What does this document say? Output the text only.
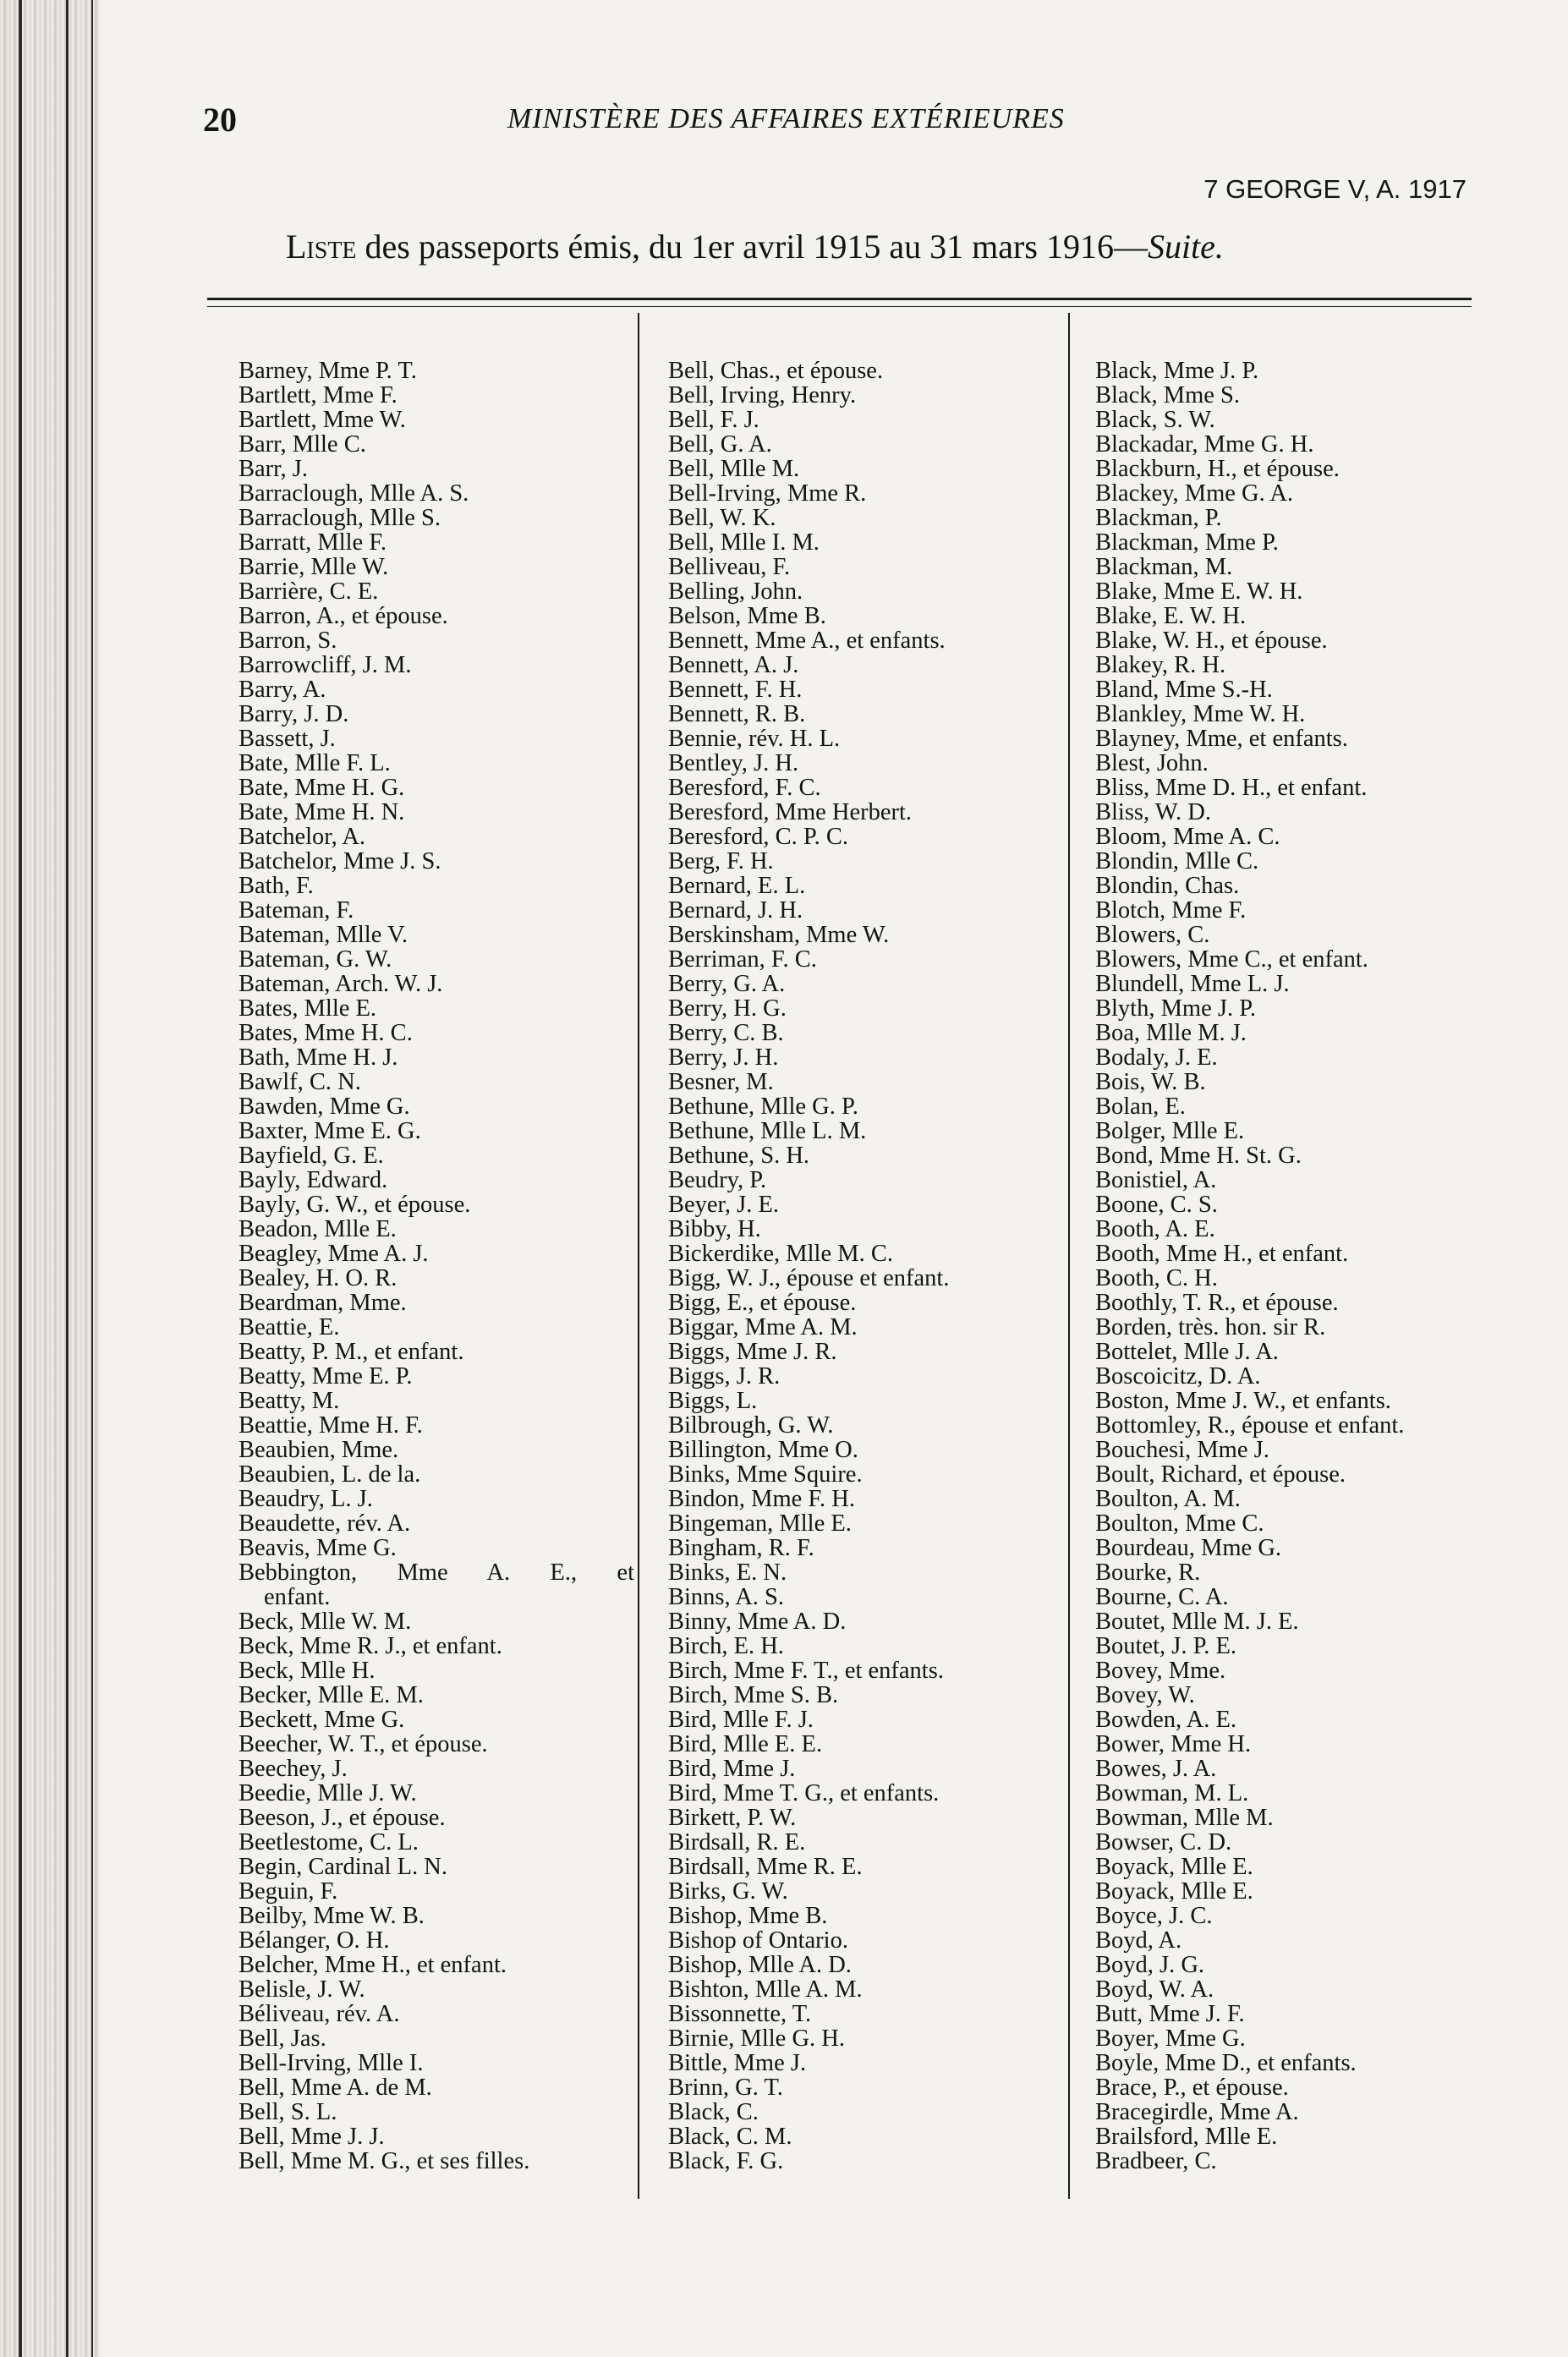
20	MINISTÈRE DES AFFAIRES EXTÉRIEURES
7 GEORGE V, A. 1917
Liste des passeports émis, du 1er avril 1915 au 31 mars 1916—Suite.
Barney, Mme P. T.
Bartlett, Mme F.
Bartlett, Mme W.
Barr, Mlle C.
Barr, J.
Barraclough, Mlle A. S.
Barraclough, Mlle S.
Barratt, Mlle F.
Barrie, Mlle W.
Barrière, C. E.
Barron, A., et épouse.
Barron, S.
Barrowcliff, J. M.
Barry, A.
Barry, J. D.
Bassett, J.
Bate, Mlle F. L.
Bate, Mme H. G.
Bate, Mme H. N.
Batchelor, A.
Batchelor, Mme J. S.
Bath, F.
Bateman, F.
Bateman, Mlle V.
Bateman, G. W.
Bateman, Arch. W. J.
Bates, Mlle E.
Bates, Mme H. C.
Bath, Mme H. J.
Bawlf, C. N.
Bawden, Mme G.
Baxter, Mme E. G.
Bayfield, G. E.
Bayly, Edward.
Bayly, G. W., et épouse.
Beadon, Mlle E.
Beagley, Mme A. J.
Bealey, H. O. R.
Beardman, Mme.
Beattie, E.
Beatty, P. M., et enfant.
Beatty, Mme E. P.
Beatty, M.
Beattie, Mme H. F.
Beaubien, Mme.
Beaubien, L. de la.
Beaudry, L. J.
Beaudette, rév. A.
Beavis, Mme G.
Bebbington, Mme A. E., et
enfant.
Beck, Mlle W. M.
Beck, Mme R. J., et enfant.
Beck, Mlle H.
Becker, Mlle E. M.
Beckett, Mme G.
Beecher, W. T., et épouse.
Beechey, J.
Beedie, Mlle J. W.
Beeson, J., et épouse.
Beetlestome, C. L.
Begin, Cardinal L. N.
Beguin, F.
Beilby, Mme W. B.
Bélanger, O. H.
Belcher, Mme H., et enfant.
Belisle, J. W.
Béliveau, rév. A.
Bell, Jas.
Bell-Irving, Mlle I.
Bell, Mme A. de M.
Bell, S. L.
Bell, Mme J. J.
Bell, Mme M. G., et ses filles.
Bell, Chas., et épouse.
Bell, Irving, Henry.
Bell, F. J.
Bell, G. A.
Bell, Mlle M.
Bell-Irving, Mme R.
Bell, W. K.
Bell, Mlle I. M.
Belliveau, F.
Belling, John.
Belson, Mme B.
Bennett, Mme A., et enfants.
Bennett, A. J.
Bennett, F. H.
Bennett, R. B.
Bennie, rév. H. L.
Bentley, J. H.
Beresford, F. C.
Beresford, Mme Herbert.
Beresford, C. P. C.
Berg, F. H.
Bernard, E. L.
Bernard, J. H.
Berskinsham, Mme W.
Berriman, F. C.
Berry, G. A.
Berry, H. G.
Berry, C. B.
Berry, J. H.
Besner, M.
Bethune, Mlle G. P.
Bethune, Mlle L. M.
Bethune, S. H.
Beudry, P.
Beyer, J. E.
Bibby, H.
Bickerdike, Mlle M. C.
Bigg, W. J., épouse et enfant.
Bigg, E., et épouse.
Biggar, Mme A. M.
Biggs, Mme J. R.
Biggs, J. R.
Biggs, L.
Bilbrough, G. W.
Billington, Mme O.
Binks, Mme Squire.
Bindon, Mme F. H.
Bingeman, Mlle E.
Bingham, R. F.
Binks, E. N.
Binns, A. S.
Binny, Mme A. D.
Birch, E. H.
Birch, Mme F. T., et enfants.
Birch, Mme S. B.
Bird, Mlle F. J.
Bird, Mlle E. E.
Bird, Mme J.
Bird, Mme T. G., et enfants.
Birkett, P. W.
Birdsall, R. E.
Birdsall, Mme R. E.
Birks, G. W.
Bishop, Mme B.
Bishop of Ontario.
Bishop, Mlle A. D.
Bishton, Mlle A. M.
Bissonnette, T.
Birnie, Mlle G. H.
Bittle, Mme J.
Brinn, G. T.
Black, C.
Black, C. M.
Black, F. G.
Black, Mme J. P.
Black, Mme S.
Black, S. W.
Blackadar, Mme G. H.
Blackburn, H., et épouse.
Blackey, Mme G. A.
Blackman, P.
Blackman, Mme P.
Blackman, M.
Blake, Mme E. W. H.
Blake, E. W. H.
Blake, W. H., et épouse.
Blakey, R. H.
Bland, Mme S.-H.
Blankley, Mme W. H.
Blayney, Mme, et enfants.
Blest, John.
Bliss, Mme D. H., et enfant.
Bliss, W. D.
Bloom, Mme A. C.
Blondin, Mlle C.
Blondin, Chas.
Blotch, Mme F.
Blowers, C.
Blowers, Mme C., et enfant.
Blundell, Mme L. J.
Blyth, Mme J. P.
Boa, Mlle M. J.
Bodaly, J. E.
Bois, W. B.
Bolan, E.
Bolger, Mlle E.
Bond, Mme H. St. G.
Bonistiel, A.
Boone, C. S.
Booth, A. E.
Booth, Mme H., et enfant.
Booth, C. H.
Boothly, T. R., et épouse.
Borden, très. hon. sir R.
Bottelet, Mlle J. A.
Boscoicitz, D. A.
Boston, Mme J. W., et enfants.
Bottomley, R., épouse et enfant.
Bouchesi, Mme J.
Boult, Richard, et épouse.
Boulton, A. M.
Boulton, Mme C.
Bourdeau, Mme G.
Bourke, R.
Bourne, C. A.
Boutet, Mlle M. J. E.
Boutet, J. P. E.
Bovey, Mme.
Bovey, W.
Bowden, A. E.
Bower, Mme H.
Bowes, J. A.
Bowman, M. L.
Bowman, Mlle M.
Bowser, C. D.
Boyack, Mlle E.
Boyack, Mlle E.
Boyce, J. C.
Boyd, A.
Boyd, J. G.
Boyd, W. A.
Butt, Mme J. F.
Boyer, Mme G.
Boyle, Mme D., et enfants.
Brace, P., et épouse.
Bracegirdle, Mme A.
Brailsford, Mlle E.
Bradbeer, C.
